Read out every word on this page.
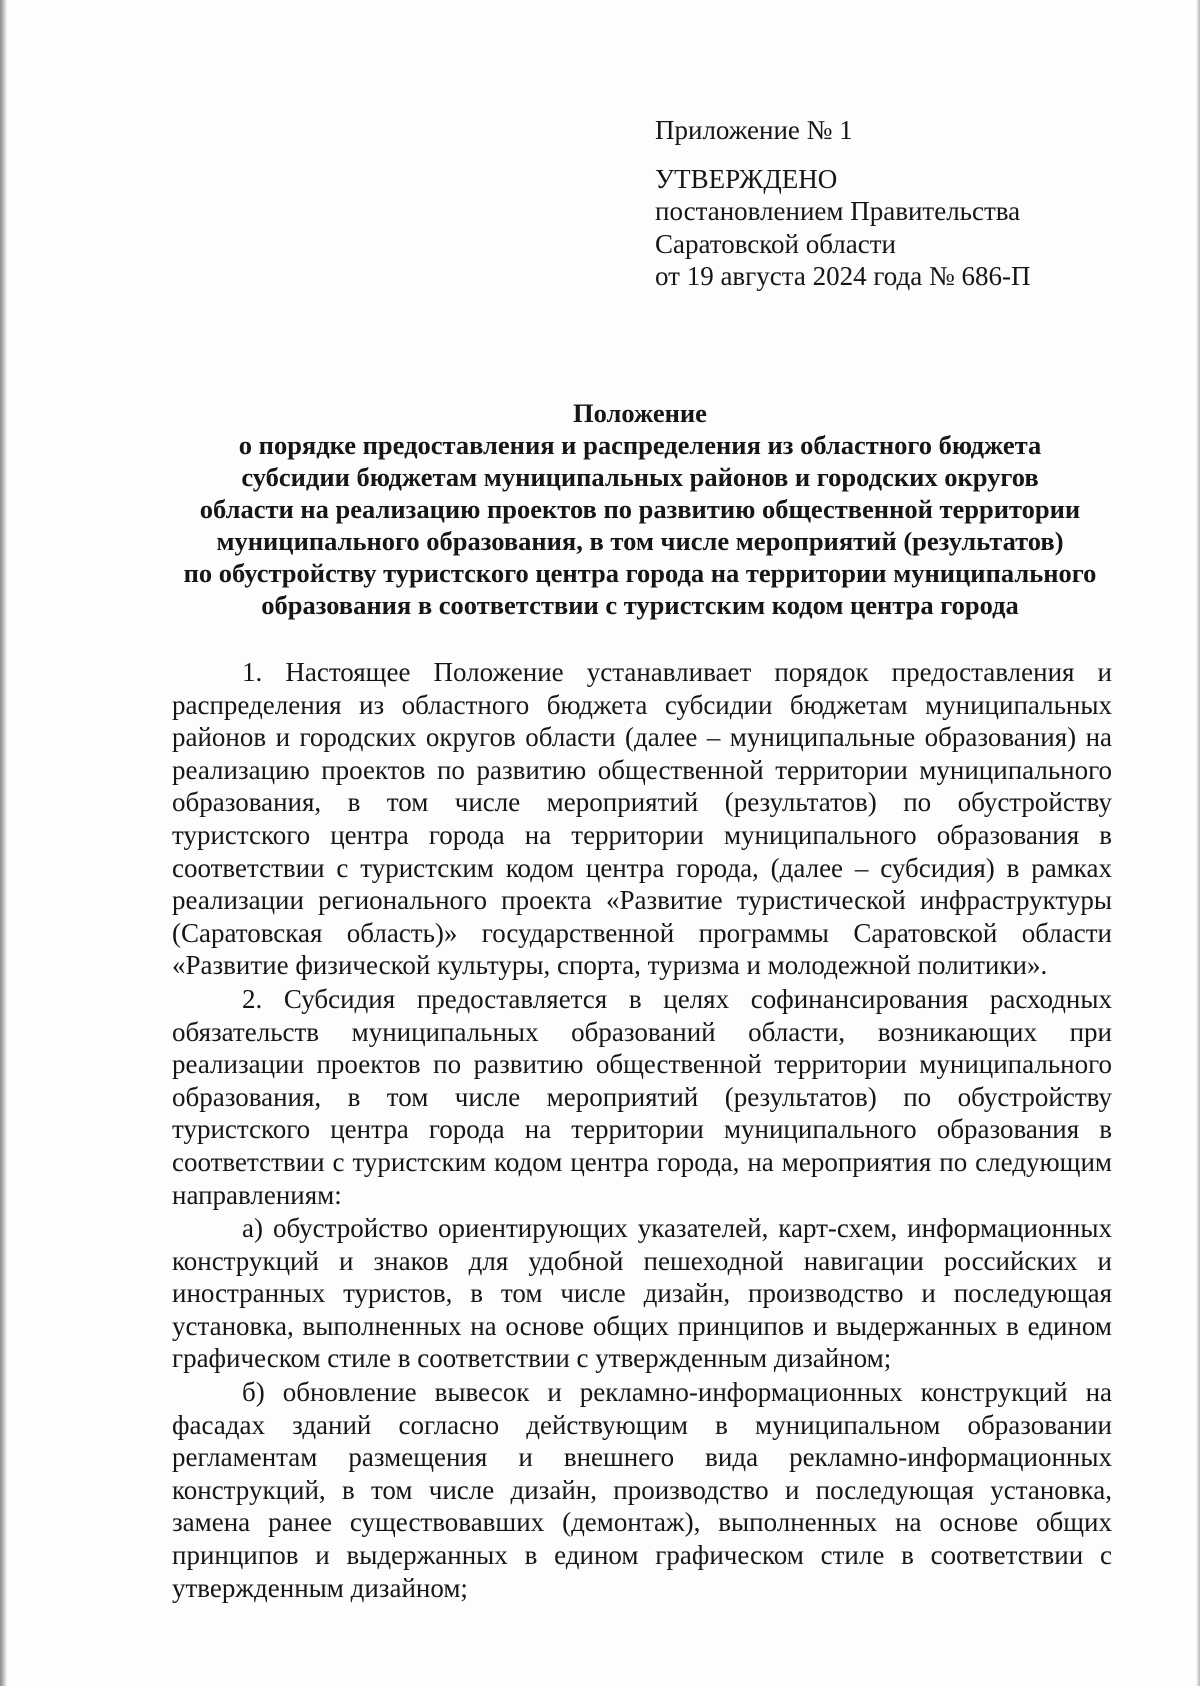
Приложение № 1
УТВЕРЖДЕНО
постановлением Правительства
Саратовской области
от 19 августа 2024 года № 686-П
Положение
о порядке предоставления и распределения из областного бюджета
субсидии бюджетам муниципальных районов и городских округов
области на реализацию проектов по развитию общественной территории
муниципального образования, в том числе мероприятий (результатов)
по обустройству туристского центра города на территории муниципального
образования в соответствии с туристским кодом центра города

1. Настоящее Положение устанавливает порядок предоставления и распределения из областного бюджета субсидии бюджетам муниципальных районов и городских округов области (далее – муниципальные образования) на реализацию проектов по развитию общественной территории муниципального образования, в том числе мероприятий (результатов) по обустройству туристского центра города на территории муниципального образования в соответствии с туристским кодом центра города, (далее – субсидия) в рамках реализации регионального проекта «Развитие туристической инфраструктуры (Саратовская область)» государственной программы Саратовской области «Развитие физической культуры, спорта, туризма и молодежной политики».

2. Субсидия предоставляется в целях софинансирования расходных обязательств муниципальных образований области, возникающих при реализации проектов по развитию общественной территории муниципального образования, в том числе мероприятий (результатов) по обустройству туристского центра города на территории муниципального образования в соответствии с туристским кодом центра города, на мероприятия по следующим направлениям:

а) обустройство ориентирующих указателей, карт-схем, информационных конструкций и знаков для удобной пешеходной навигации российских и иностранных туристов, в том числе дизайн, производство и последующая установка, выполненных на основе общих принципов и выдержанных в едином графическом стиле в соответствии с утвержденным дизайном;

б) обновление вывесок и рекламно-информационных конструкций на фасадах зданий согласно действующим в муниципальном образовании регламентам размещения и внешнего вида рекламно-информационных конструкций, в том числе дизайн, производство и последующая установка, замена ранее существовавших (демонтаж), выполненных на основе общих принципов и выдержанных в едином графическом стиле в соответствии с утвержденным дизайном;
